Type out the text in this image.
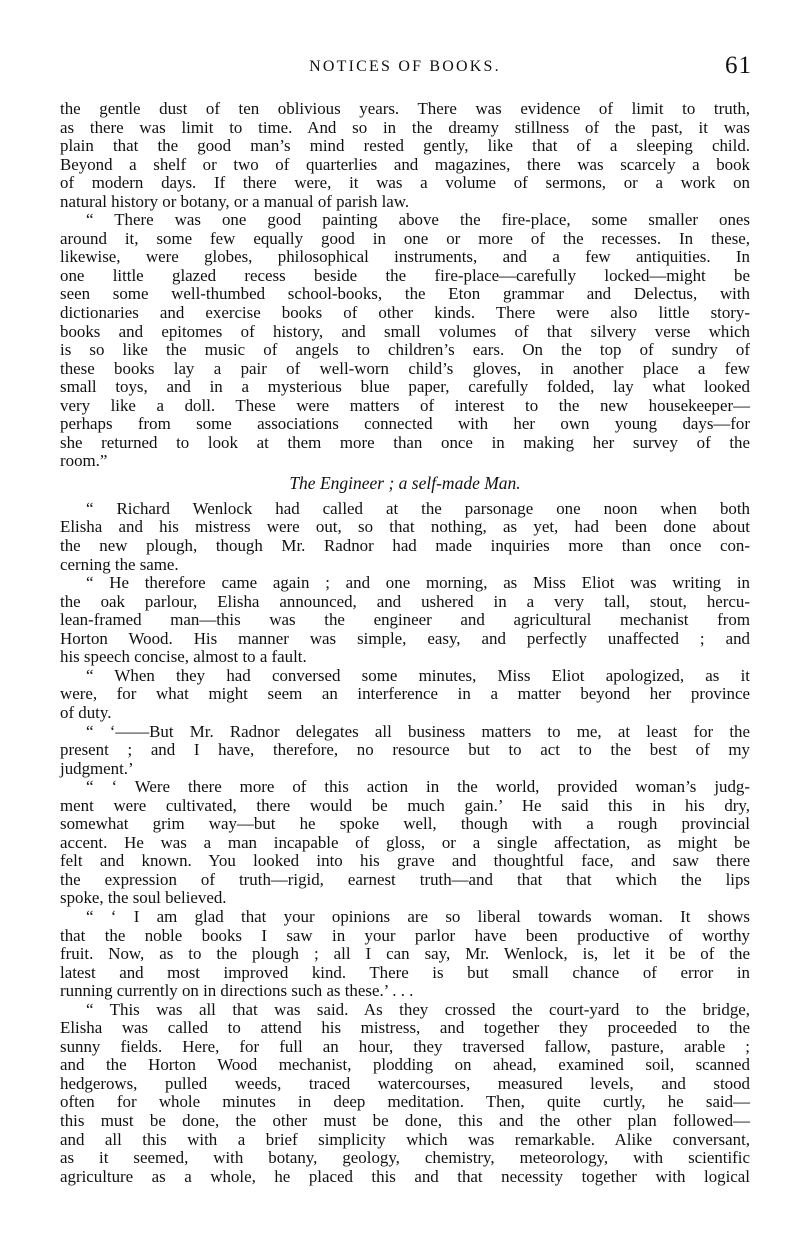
NOTICES OF BOOKS.	61
the gentle dust of ten oblivious years. There was evidence of limit to truth,
as there was limit to time. And so in the dreamy stillness of the past, it was
plain that the good man’s mind rested gently, like that of a sleeping child.
Beyond a shelf or two of quarterlies and magazines, there was scarcely a book
of modern days. If there were, it was a volume of sermons, or a work on
natural history or botany, or a manual of parish law.
“ There was one good painting above the fire-place, some smaller ones
around it, some few equally good in one or more of the recesses. In these,
likewise, were globes, philosophical instruments, and a few antiquities. In
one little glazed recess beside the fire-place—carefully locked—might be
seen some well-thumbed school-books, the Eton grammar and Delectus, with
dictionaries and exercise books of other kinds. There were also little story-
books and epitomes of history, and small volumes of that silvery verse which
is so like the music of angels to children’s ears. On the top of sundry of
these books lay a pair of well-worn child’s gloves, in another place a few
small toys, and in a mysterious blue paper, carefully folded, lay what looked
very like a doll. These were matters of interest to the new housekeeper—
perhaps from some associations connected with her own young days—for
she returned to look at them more than once in making her survey of the
room.”
The Engineer ; a self-made Man.
“ Richard Wenlock had called at the parsonage one noon when both
Elisha and his mistress were out, so that nothing, as yet, had been done about
the new plough, though Mr. Radnor had made inquiries more than once con-
cerning the same.
“ He therefore came again ; and one morning, as Miss Eliot was writing in
the oak parlour, Elisha announced, and ushered in a very tall, stout, hercu-
lean-framed man—this was the engineer and agricultural mechanist from
Horton Wood. His manner was simple, easy, and perfectly unaffected ; and
his speech concise, almost to a fault.
“ When they had conversed some minutes, Miss Eliot apologized, as it
were, for what might seem an interference in a matter beyond her province
of duty.
“ ‘——But Mr. Radnor delegates all business matters to me, at least for the
present ; and I have, therefore, no resource but to act to the best of my
judgment.’
“ ‘ Were there more of this action in the world, provided woman’s judg-
ment were cultivated, there would be much gain.’ He said this in his dry,
somewhat grim way—but he spoke well, though with a rough provincial
accent. He was a man incapable of gloss, or a single affectation, as might be
felt and known. You looked into his grave and thoughtful face, and saw there
the expression of truth—rigid, earnest truth—and that that which the lips
spoke, the soul believed.
“ ‘ I am glad that your opinions are so liberal towards woman. It shows
that the noble books I saw in your parlor have been productive of worthy
fruit. Now, as to the plough ; all I can say, Mr. Wenlock, is, let it be of the
latest and most improved kind. There is but small chance of error in
running currently on in directions such as these.’ . . .
“ This was all that was said. As they crossed the court-yard to the bridge,
Elisha was called to attend his mistress, and together they proceeded to the
sunny fields. Here, for full an hour, they traversed fallow, pasture, arable ;
and the Horton Wood mechanist, plodding on ahead, examined soil, scanned
hedgerows, pulled weeds, traced watercourses, measured levels, and stood
often for whole minutes in deep meditation. Then, quite curtly, he said—
this must be done, the other must be done, this and the other plan followed—
and all this with a brief simplicity which was remarkable. Alike conversant,
as it seemed, with botany, geology, chemistry, meteorology, with scientific
agriculture as a whole, he placed this and that necessity together with logical
